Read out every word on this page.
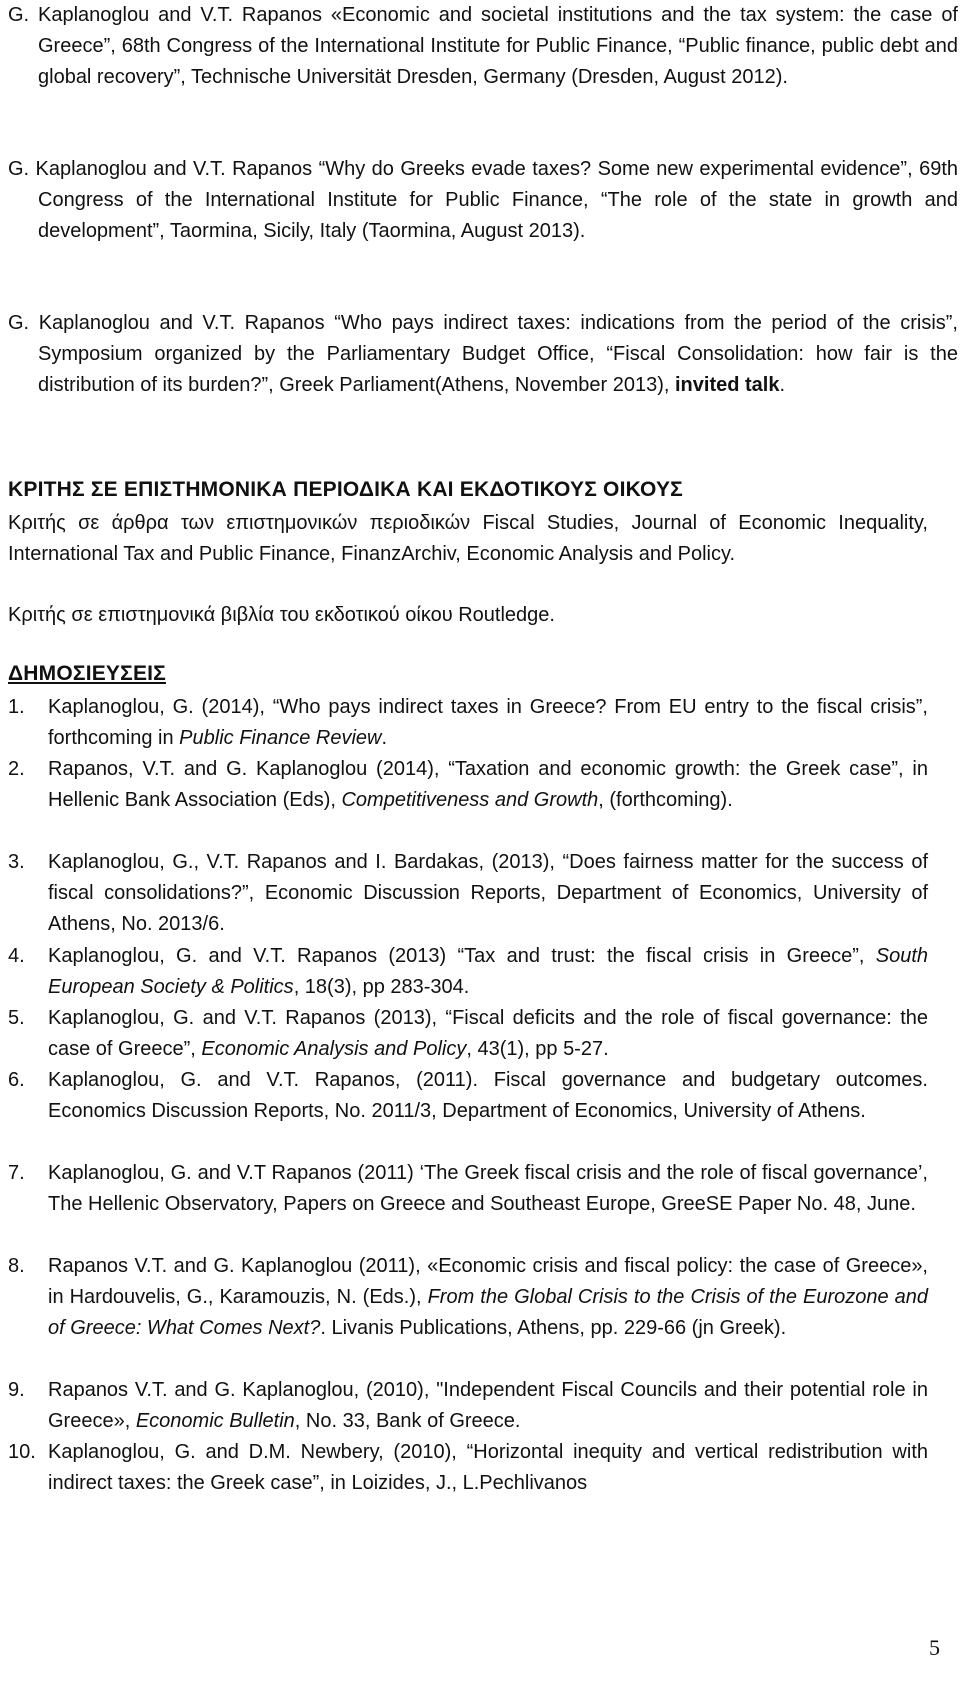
G. Kaplanoglou and V.T. Rapanos «Economic and societal institutions and the tax system: the case of Greece”, 68th Congress of the International Institute for Public Finance, “Public finance, public debt and global recovery”, Technische Universität Dresden, Germany (Dresden, August 2012).
G. Kaplanoglou and V.T. Rapanos “Why do Greeks evade taxes? Some new experimental evidence”, 69th Congress of the International Institute for Public Finance, “The role of the state in growth and development”, Taormina, Sicily, Italy (Taormina, August 2013).
G. Kaplanoglou and V.T. Rapanos “Who pays indirect taxes: indications from the period of the crisis”, Symposium organized by the Parliamentary Budget Office, “Fiscal Consolidation: how fair is the distribution of its burden?”, Greek Parliament(Athens, November 2013), invited talk.
ΚΡΙΤΗΣ ΣΕ ΕΠΙΣΤΗΜΟΝΙΚΑ ΠΕΡΙΟΔΙΚΑ ΚΑΙ ΕΚΔΟΤΙΚΟΥΣ ΟΙΚΟΥΣ
Κριτής σε άρθρα των επιστημονικών περιοδικών Fiscal Studies, Journal of Economic Inequality, International Tax and Public Finance, FinanzArchiv, Economic Analysis and Policy.
Κριτής σε επιστημονικά βιβλία του εκδοτικού οίκου Routledge.
ΔΗΜΟΣΙΕΥΣΕΙΣ
1.	Kaplanoglou, G. (2014), “Who pays indirect taxes in Greece? From EU entry to the fiscal crisis”, forthcoming in Public Finance Review.
2.	Rapanos, V.T. and G. Kaplanoglou (2014), “Taxation and economic growth: the Greek case”, in Hellenic Bank Association (Eds), Competitiveness and Growth, (forthcoming).
3.	Kaplanoglou, G., V.T. Rapanos and I. Bardakas, (2013), “Does fairness matter for the success of fiscal consolidations?”, Economic Discussion Reports, Department of Economics, University of Athens, No. 2013/6.
4.	Kaplanoglou, G. and V.T. Rapanos (2013) “Tax and trust: the fiscal crisis in Greece”, South European Society & Politics, 18(3), pp 283-304.
5.	Kaplanoglou, G. and V.T. Rapanos (2013), “Fiscal deficits and the role of fiscal governance: the case of Greece”, Economic Analysis and Policy, 43(1), pp 5-27.
6.	Kaplanoglou, G. and V.T. Rapanos, (2011). Fiscal governance and budgetary outcomes. Economics Discussion Reports, No. 2011/3, Department of Economics, University of Athens.
7.	Kaplanoglou, G. and V.T Rapanos (2011) ‘The Greek fiscal crisis and the role of fiscal governance’, The Hellenic Observatory, Papers on Greece and Southeast Europe, GreeSE Paper No. 48, June.
8.	Rapanos V.T. and G. Kaplanoglou (2011), «Economic crisis and fiscal policy: the case of Greece», in Hardouvelis, G., Karamouzis, N. (Eds.), From the Global Crisis to the Crisis of the Eurozone and of Greece: What Comes Next?. Livanis Publications, Athens, pp. 229-66 (jn Greek).
9.	Rapanos V.T. and G. Kaplanoglou, (2010), "Independent Fiscal Councils and their potential role in Greece», Economic Bulletin, No. 33, Bank of Greece.
10. Kaplanoglou, G. and D.M. Newbery, (2010), “Horizontal inequity and vertical redistribution with indirect taxes: the Greek case”, in Loizides, J., L.Pechlivanos
5
